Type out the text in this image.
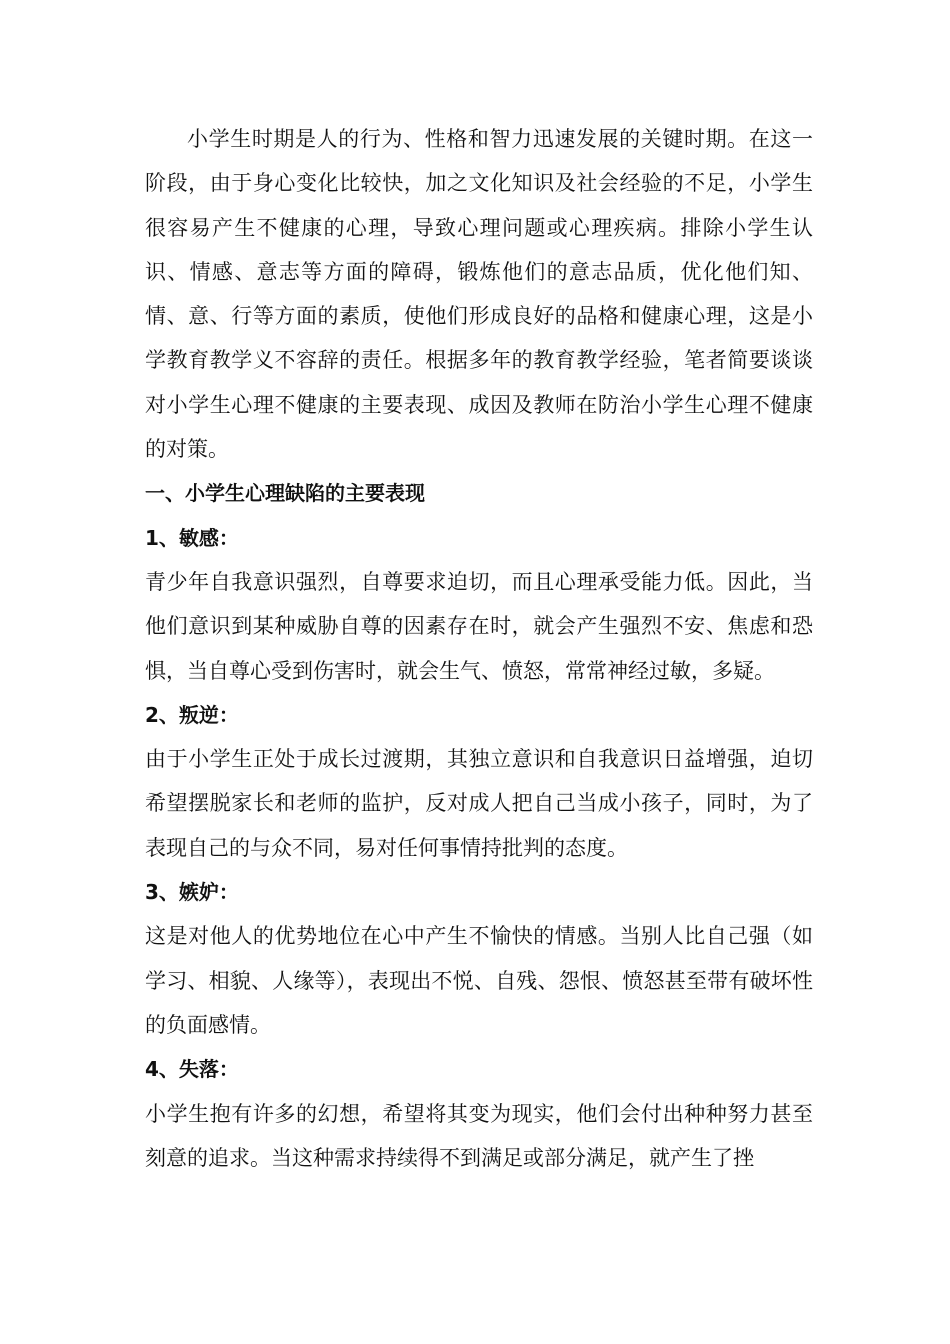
小学生时期是人的行为、性格和智力迅速发展的关键时期。在这一阶段，由于身心变化比较快，加之文化知识及社会经验的不足，小学生很容易产生不健康的心理，导致心理问题或心理疾病。排除小学生认识、情感、意志等方面的障碍，锻炼他们的意志品质，优化他们知、情、意、行等方面的素质，使他们形成良好的品格和健康心理，这是小学教育教学义不容辞的责任。根据多年的教育教学经验，笔者简要谈谈对小学生心理不健康的主要表现、成因及教师在防治小学生心理不健康的对策。

一、小学生心理缺陷的主要表现

1、敏感：

青少年自我意识强烈，自尊要求迫切，而且心理承受能力低。因此，当他们意识到某种威胁自尊的因素存在时，就会产生强烈不安、焦虑和恐惧，当自尊心受到伤害时，就会生气、愤怒，常常神经过敏，多疑。

2、叛逆：

由于小学生正处于成长过渡期，其独立意识和自我意识日益增强，迫切希望摆脱家长和老师的监护，反对成人把自己当成小孩子，同时，为了表现自己的与众不同，易对任何事情持批判的态度。

3、嫉妒：

这是对他人的优势地位在心中产生不愉快的情感。当别人比自己强（如学习、相貌、人缘等），表现出不悦、自残、怨恨、愤怒甚至带有破坏性的负面感情。

4、失落：

小学生抱有许多的幻想，希望将其变为现实，他们会付出种种努力甚至刻意的追求。当这种需求持续得不到满足或部分满足，就产生了挫
